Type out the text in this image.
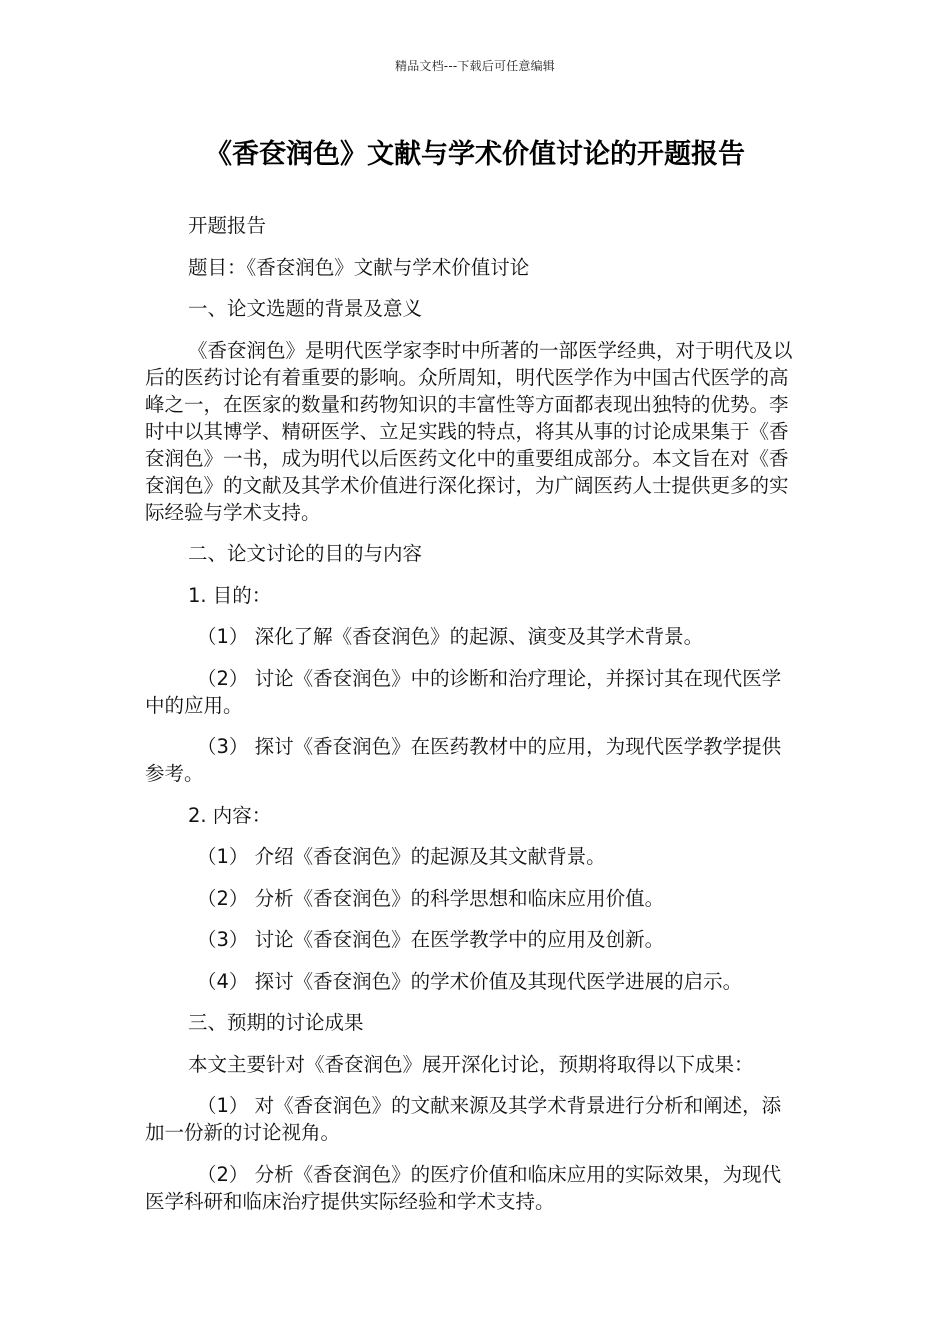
精品文档---下载后可任意编辑
《香奁润色》文献与学术价值讨论的开题报告

开题报告

题目：《香奁润色》文献与学术价值讨论

一、论文选题的背景及意义

《香奁润色》是明代医学家李时中所著的一部医学经典，对于明代及以后的医药讨论有着重要的影响。众所周知，明代医学作为中国古代医学的高峰之一，在医家的数量和药物知识的丰富性等方面都表现出独特的优势。李时中以其博学、精研医学、立足实践的特点，将其从事的讨论成果集于《香奁润色》一书，成为明代以后医药文化中的重要组成部分。本文旨在对《香奁润色》的文献及其学术价值进行深化探讨，为广阔医药人士提供更多的实际经验与学术支持。

二、论文讨论的目的与内容

1. 目的：

（1） 深化了解《香奁润色》的起源、演变及其学术背景。

（2） 讨论《香奁润色》中的诊断和治疗理论，并探讨其在现代医学中的应用。

（3） 探讨《香奁润色》在医药教材中的应用，为现代医学教学提供参考。

2. 内容：

（1） 介绍《香奁润色》的起源及其文献背景。

（2） 分析《香奁润色》的科学思想和临床应用价值。

（3） 讨论《香奁润色》在医学教学中的应用及创新。

（4） 探讨《香奁润色》的学术价值及其现代医学进展的启示。

三、预期的讨论成果

本文主要针对《香奁润色》展开深化讨论，预期将取得以下成果：

（1） 对《香奁润色》的文献来源及其学术背景进行分析和阐述，添加一份新的讨论视角。

（2） 分析《香奁润色》的医疗价值和临床应用的实际效果，为现代医学科研和临床治疗提供实际经验和学术支持。
